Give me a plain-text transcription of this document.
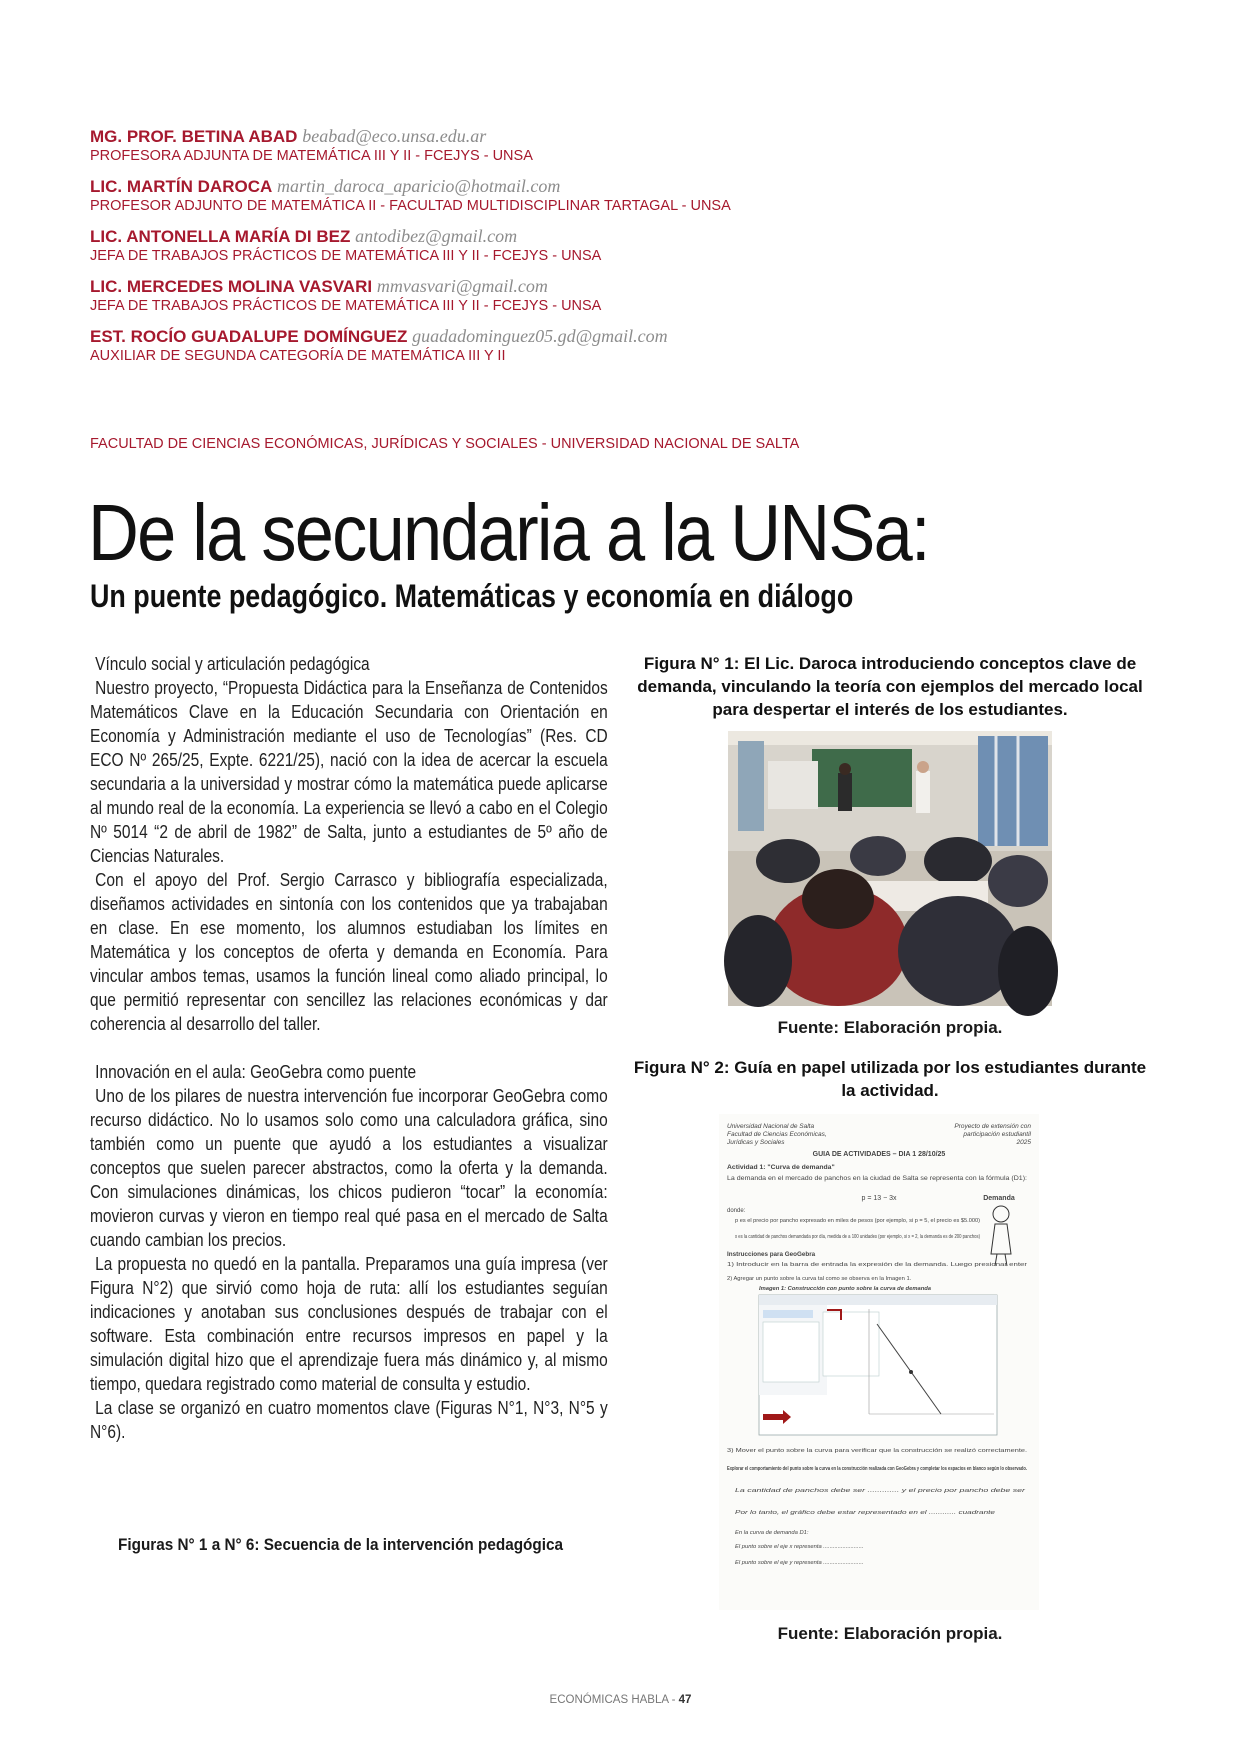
MG. PROF. BETINA ABAD beabad@eco.unsa.edu.ar
PROFESORA ADJUNTA DE MATEMÁTICA III Y II - FCEJYS - UNSA
LIC. MARTÍN DAROCA martin_daroca_aparicio@hotmail.com
PROFESOR ADJUNTO DE MATEMÁTICA II - FACULTAD MULTIDISCIPLINAR TARTAGAL - UNSA
LIC. ANTONELLA MARÍA DI BEZ antodibez@gmail.com
JEFA DE TRABAJOS PRÁCTICOS DE MATEMÁTICA III Y II - FCEJYS - UNSA
LIC. MERCEDES MOLINA VASVARI mmvasvari@gmail.com
JEFA DE TRABAJOS PRÁCTICOS DE MATEMÁTICA III Y II - FCEJYS - UNSA
EST. ROCÍO GUADALUPE DOMÍNGUEZ guadadominguez05.gd@gmail.com
AUXILIAR DE SEGUNDA CATEGORÍA DE MATEMÁTICA III Y II
FACULTAD DE CIENCIAS ECONÓMICAS, JURÍDICAS Y SOCIALES - UNIVERSIDAD NACIONAL DE SALTA
De la secundaria a la UNSa:
Un puente pedagógico. Matemáticas y economía en diálogo

Vínculo social y articulación pedagógica

Nuestro proyecto, “Propuesta Didáctica para la Enseñanza de Contenidos Matemáticos Clave en la Educación Secundaria con Orientación en Economía y Administración mediante el uso de Tecnologías” (Res. CD ECO Nº 265/25, Expte. 6221/25), nació con la idea de acercar la escuela secundaria a la universidad y mostrar cómo la matemática puede aplicarse al mundo real de la economía. La experiencia se llevó a cabo en el Colegio Nº 5014 “2 de abril de 1982” de Salta, junto a estudiantes de 5º año de Ciencias Naturales.

Con el apoyo del Prof. Sergio Carrasco y bibliografía especializada, diseñamos actividades en sintonía con los contenidos que ya trabajaban en clase. En ese momento, los alumnos estudiaban los límites en Matemática y los conceptos de oferta y demanda en Economía. Para vincular ambos temas, usamos la función lineal como aliado principal, lo que permitió representar con sencillez las relaciones económicas y dar coherencia al desarrollo del taller.

Innovación en el aula: GeoGebra como puente

Uno de los pilares de nuestra intervención fue incorporar GeoGebra como recurso didáctico. No lo usamos solo como una calculadora gráfica, sino también como un puente que ayudó a los estudiantes a visualizar conceptos que suelen parecer abstractos, como la oferta y la demanda. Con simulaciones dinámicas, los chicos pudieron “tocar” la economía: movieron curvas y vieron en tiempo real qué pasa en el mercado de Salta cuando cambian los precios.

La propuesta no quedó en la pantalla. Preparamos una guía impresa (ver Figura N°2) que sirvió como hoja de ruta: allí los estudiantes seguían indicaciones y anotaban sus conclusiones después de trabajar con el software. Esta combinación entre recursos impresos en papel y la simulación digital hizo que el aprendizaje fuera más dinámico y, al mismo tiempo, quedara registrado como material de consulta y estudio.

La clase se organizó en cuatro momentos clave (Figuras N°1, N°3, N°5 y N°6).

Figuras N° 1 a N° 6: Secuencia de la intervención pedagógica

Figura N° 1: El Lic. Daroca introduciendo conceptos clave de demanda, vinculando la teoría con ejemplos del mercado local para despertar el interés de los estudiantes.

Fuente: Elaboración propia.

Figura N° 2: Guía en papel utilizada por los estudiantes durante la actividad.

Universidad Nacional de Salta
Facultad de Ciencias Económicas,
Jurídicas y Sociales
Proyecto de extensión con
participación estudiantil
2025
GUIA DE ACTIVIDADES – DIA 1 28/10/25
Actividad 1: "Curva de demanda"
La demanda en el mercado de panchos en la ciudad de Salta se representa con la fórmula (D1):
p = 13 − 3x	Demanda
donde:
p es el precio por pancho expresado en miles de pesos (por ejemplo, si p = 5, el precio es $5.000)
x es la cantidad de panchos demandada por día, medida de a 100 unidades (por ejemplo, si x = 2, la demanda es de 200 panchos)
Instrucciones para GeoGebra
1) Introducir en la barra de entrada la expresión de la demanda. Luego presionar enter
2) Agregar un punto sobre la curva tal como se observa en la Imagen 1.
Imagen 1: Construcción con punto sobre la curva de demanda
3) Mover el punto sobre la curva para verificar que la construcción se realizó correctamente.
Explorar el comportamiento del punto sobre la curva en la construcción realizada con GeoGebra y completar los espacios en blanco según lo observado.
La cantidad de panchos debe ser ............. y el precio por pancho debe ser
Por lo tanto, el gráfico debe estar representado en el ............ cuadrante
En la curva de demanda D1:
El punto sobre el eje x representa .........................
El punto sobre el eje y representa .........................
Fuente: Elaboración propia.
ECONÓMICAS HABLA - 47
